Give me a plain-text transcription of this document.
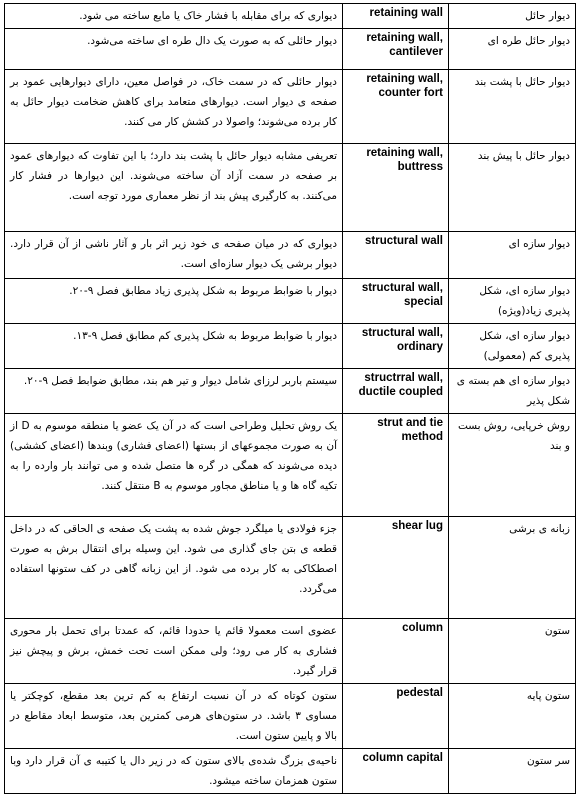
دیواری که برای مقابله با فشار خاک یا مایع ساخته می شود.	retaining wall	دیوار حائل
دیوار حائلی که به صورت یک دال طره ای ساخته می‌شود.	retaining wall, cantilever	دیوار حائل طره ای
دیوار حائلی که در سمت خاک، در فواصل معین، دارای دیوارهایی عمود بر صفحه ی دیوار است. دیوارهای متعامد برای کاهش ضخامت دیوار حائل به کار برده می‌شوند؛ واصولا در کشش کار می کنند.	retaining wall, counter fort	دیوار حائل با پشت بند
تعریفی مشابه دیوار حائل با پشت بند دارد؛ با این تفاوت که دیوارهای عمود بر صفحه در سمت آزاد آن ساخته می‌شوند. این دیوارها در فشار کار می‌کنند. به کارگیری پیش بند از نظر معماری مورد توجه است.	retaining wall, buttress	دیوار حائل با پیش بند
دیواری که در میان صفحه ی خود زیر اثر بار و آثار ناشی از آن قرار دارد. دیوار برشی یک دیوار سازه‌ای است.	structural wall	دیوار سازه ای
دیوار با ضوابط مربوط به شکل پذیری زیاد مطابق فصل ۹-۲۰.	structural wall, special	دیوار سازه ای، شکل پذیری زیاد(ویژه)
دیوار با ضوابط مربوط به شکل پذیری کم مطابق فصل ۹-۱۳.	structural wall, ordinary	دیوار سازه ای، شکل پذیری کم (معمولی)
سیستم باربر لرزای شامل دیوار و تیر هم بند، مطابق ضوابط فصل ۹-۲۰.	structrral wall, ductile coupled	دیوار سازه ای هم بسته ی شکل پذیر
یک روش تحلیل وطراحی است که در آن یک عضو یا منطقه موسوم به D از آن به صورت مجموعهای از بستها (اعضای فشاری) وبندها (اعضای کششی) دیده می‌شوند که همگی در گره ها متصل شده و می توانند بار وارده را به تکیه گاه ها و یا مناطق مجاور موسوم به B منتقل کنند.	strut and tie method	روش خرپایی، روش بست و بند
جزء فولادی یا میلگرد جوش شده به پشت یک صفحه ی الحاقی که در داخل قطعه ی بتن جای گذاری می شود. این وسیله برای انتقال برش به صورت اصطکاکی به کار برده می شود. از این زبانه گاهی در کف ستونها استفاده می‌گردد.	shear lug	زبانه ی برشی
عضوی است معمولا قائم یا حدودا قائم، که عمدتا برای تحمل بار محوری فشاری به کار می رود؛ ولی ممکن است تحت خمش، برش و پیچش نیز قرار گیرد.	column	ستون
ستون کوتاه که در آن نسبت ارتفاع به کم ترین بعد مقطع، کوچکتر یا مساوی ۳ باشد. در ستون‌های هرمی کمترین بعد، متوسط ابعاد مقاطع در بالا و پایین ستون است.	pedestal	ستون پایه
ناحیه‌ی بزرگ شده‌ی بالای ستون که در زیر دال یا کتیبه ی آن قرار دارد وبا ستون همزمان ساخته میشود.	column capital	سر ستون
